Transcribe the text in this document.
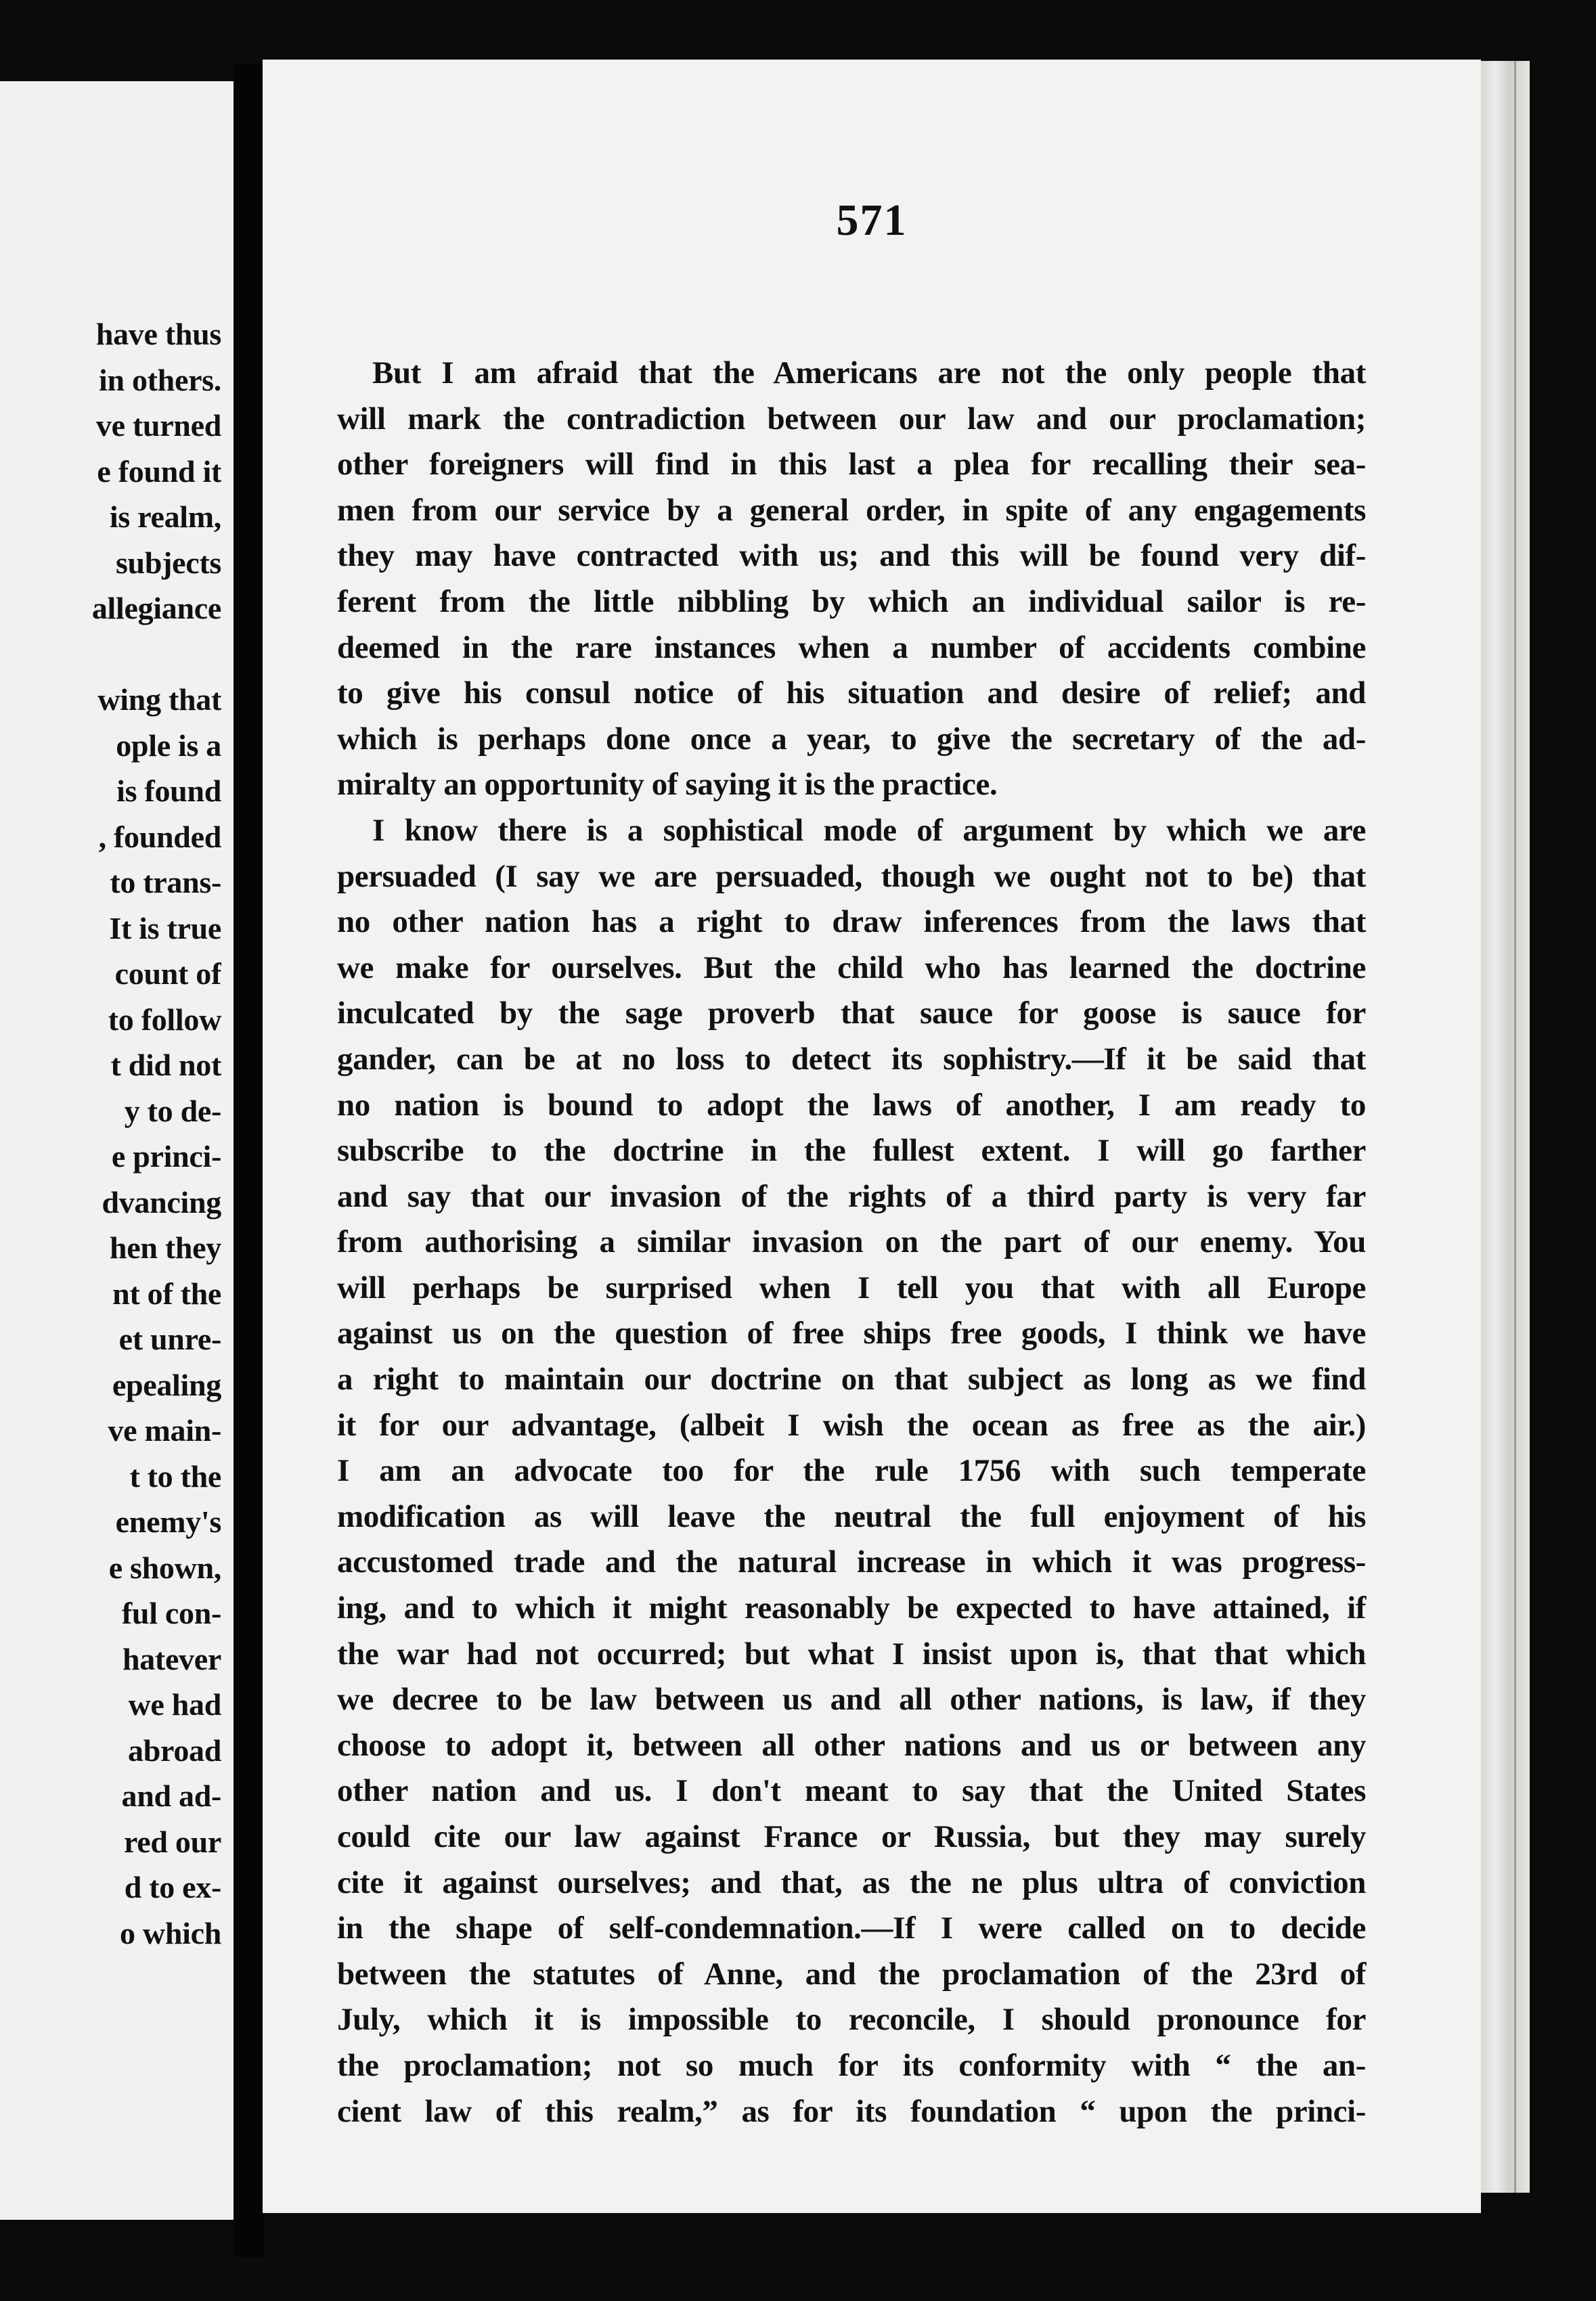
have thus
in others.
ve turned
e found it
is realm,
subjects
allegiance
wing that
ople is a
is found
, founded
to trans-
It is true
count of
to follow
t did not
y to de-
e princi-
dvancing
hen they
nt of the
et unre-
epealing
ve main-
t to the
enemy's
e shown,
ful con-
hatever
we had
abroad
and ad-
red our
d to ex-
o which
571
But I am afraid that the Americans are not the only people that
will mark the contradiction between our law and our proclamation;
other foreigners will find in this last a plea for recalling their sea-
men from our service by a general order, in spite of any engagements
they may have contracted with us; and this will be found very dif-
ferent from the little nibbling by which an individual sailor is re-
deemed in the rare instances when a number of accidents combine
to give his consul notice of his situation and desire of relief; and
which is perhaps done once a year, to give the secretary of the ad-
miralty an opportunity of saying it is the practice.
I know there is a sophistical mode of argument by which we are
persuaded (I say we are persuaded, though we ought not to be) that
no other nation has a right to draw inferences from the laws that
we make for ourselves. But the child who has learned the doctrine
inculcated by the sage proverb that sauce for goose is sauce for
gander, can be at no loss to detect its sophistry.—If it be said that
no nation is bound to adopt the laws of another, I am ready to
subscribe to the doctrine in the fullest extent. I will go farther
and say that our invasion of the rights of a third party is very far
from authorising a similar invasion on the part of our enemy. You
will perhaps be surprised when I tell you that with all Europe
against us on the question of free ships free goods, I think we have
a right to maintain our doctrine on that subject as long as we find
it for our advantage, (albeit I wish the ocean as free as the air.)
I am an advocate too for the rule 1756 with such temperate
modification as will leave the neutral the full enjoyment of his
accustomed trade and the natural increase in which it was progress-
ing, and to which it might reasonably be expected to have attained, if
the war had not occurred; but what I insist upon is, that that which
we decree to be law between us and all other nations, is law, if they
choose to adopt it, between all other nations and us or between any
other nation and us. I don't meant to say that the United States
could cite our law against France or Russia, but they may surely
cite it against ourselves; and that, as the ne plus ultra of conviction
in the shape of self-condemnation.—If I were called on to decide
between the statutes of Anne, and the proclamation of the 23rd of
July, which it is impossible to reconcile, I should pronounce for
the proclamation; not so much for its conformity with “ the an-
cient law of this realm,” as for its foundation “ upon the princi-
